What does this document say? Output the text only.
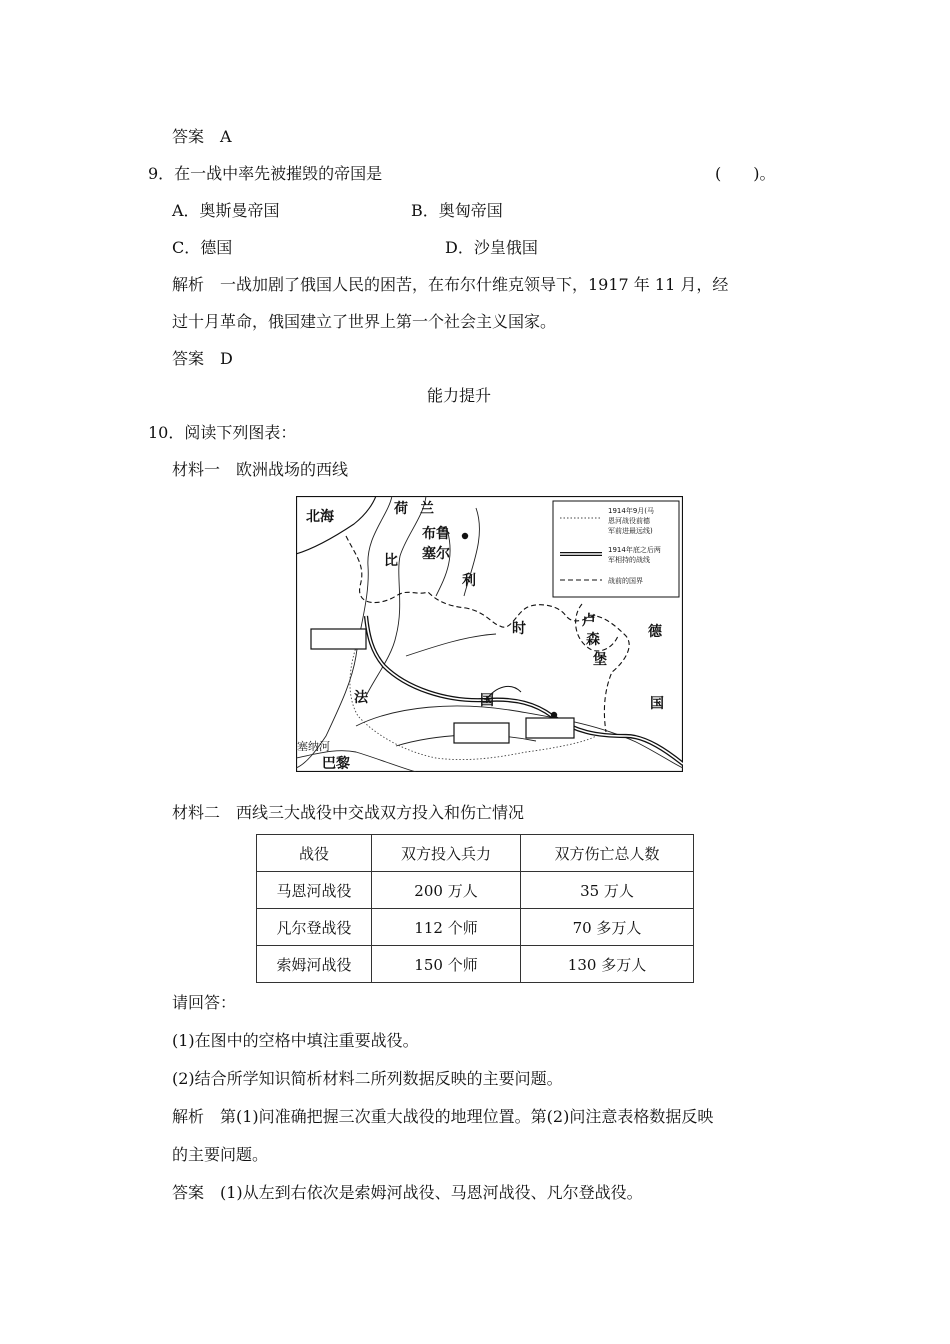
答案　A
9．在一战中率先被摧毁的帝国是	(　　)。
A．奥斯曼帝国	B．奥匈帝国
C．德国	D．沙皇俄国
解析　一战加剧了俄国人民的困苦，在布尔什维克领导下，1917 年 11 月，经
过十月革命，俄国建立了世界上第一个社会主义国家。
答案　D
能力提升
10．阅读下列图表：
材料一　欧洲战场的西线
1914年9月(马
恩河战役前德
军前进最远线)
1914年底之后两
军相持的战线
战前的国界
北海	荷 兰
布鲁
塞尔
比
利
时	卢
森
堡
德
国
法	国
塞纳河
巴黎
材料二　西线三大战役中交战双方投入和伤亡情况
战役	双方投入兵力	双方伤亡总人数
马恩河战役	200 万人	35 万人
凡尔登战役	112 个师	70 多万人
索姆河战役	150 个师	130 多万人
请回答：
(1)在图中的空格中填注重要战役。
(2)结合所学知识简析材料二所列数据反映的主要问题。
解析　第(1)问准确把握三次重大战役的地理位置。第(2)问注意表格数据反映
的主要问题。
答案　(1)从左到右依次是索姆河战役、马恩河战役、凡尔登战役。
